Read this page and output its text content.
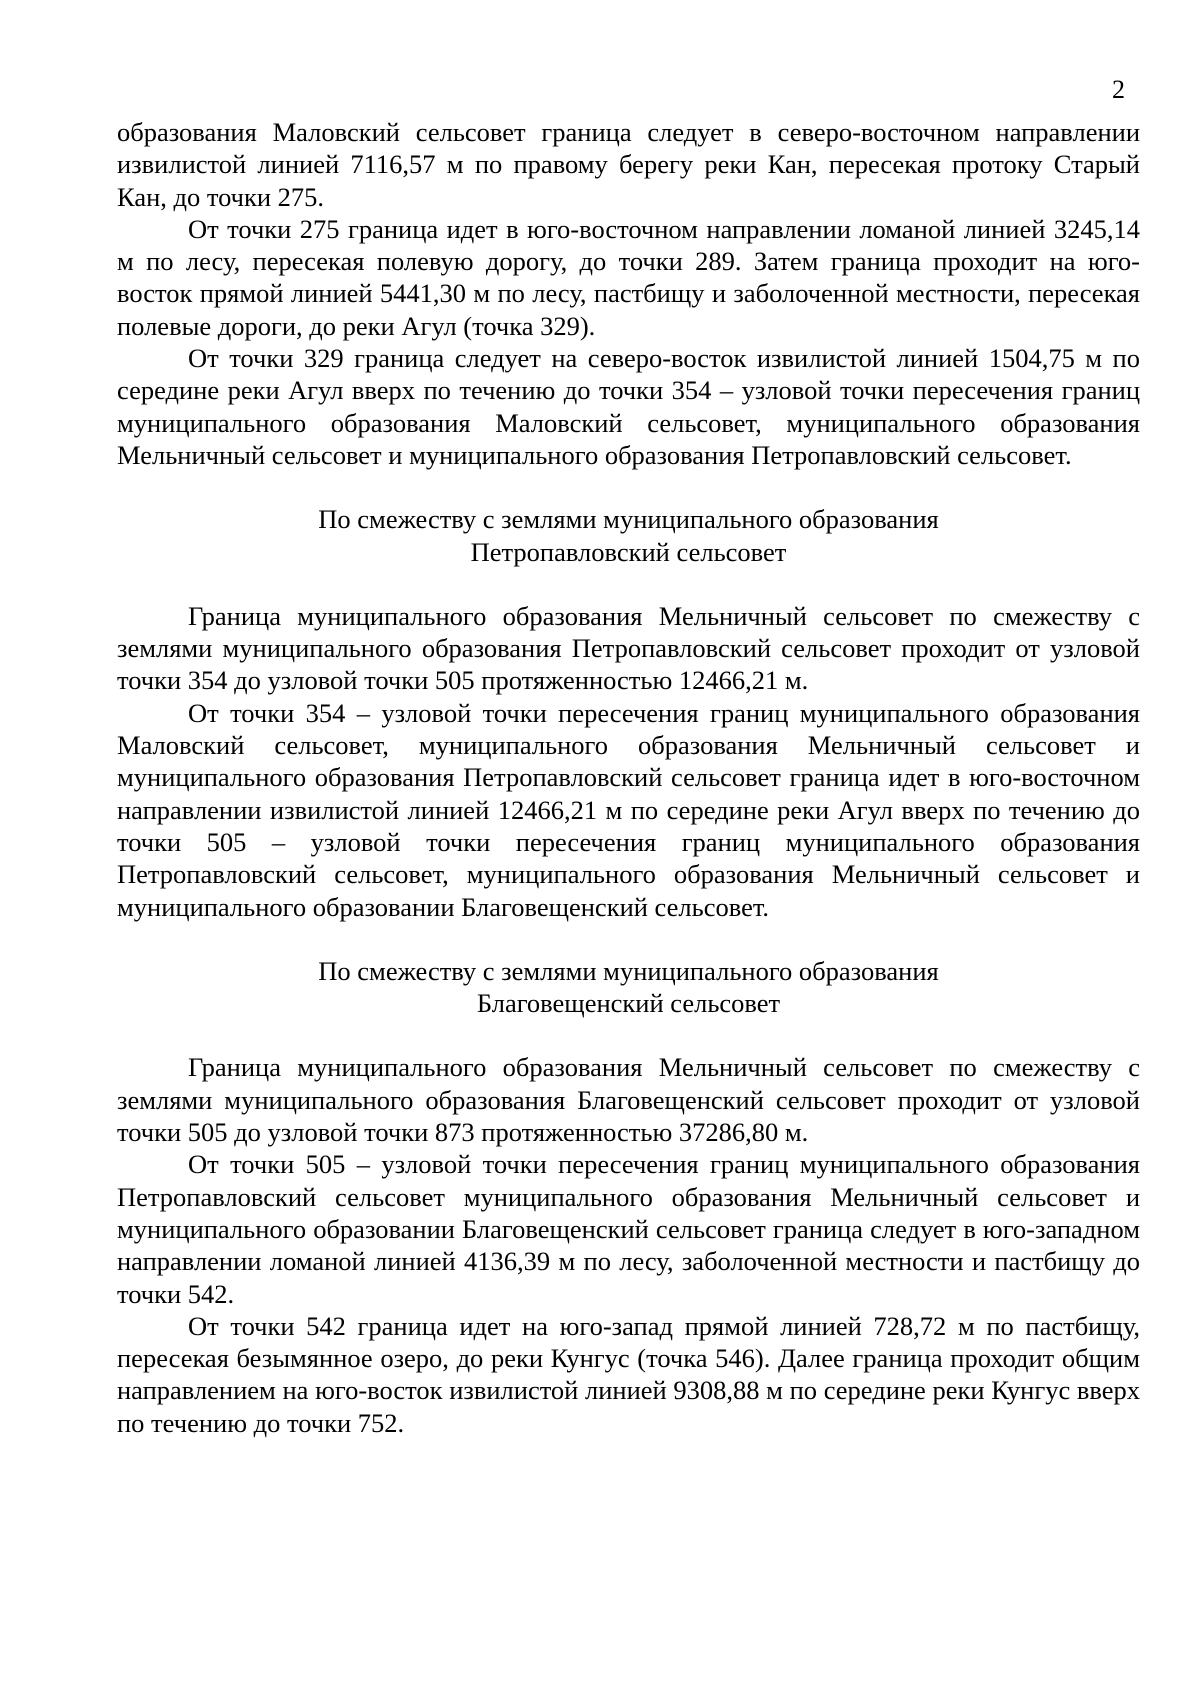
2

образования Маловский сельсовет граница следует в северо-восточном направлении извилистой линией 7116,57 м по правому берегу реки Кан, пересекая протоку Старый Кан, до точки 275.

От точки 275 граница идет в юго-восточном направлении ломаной линией 3245,14 м по лесу, пересекая полевую дорогу, до точки 289. Затем граница проходит на юго-восток прямой линией 5441,30 м по лесу, пастбищу и заболоченной местности, пересекая полевые дороги, до реки Агул (точка 329).

От точки 329 граница следует на северо-восток извилистой линией 1504,75 м по середине реки Агул вверх по течению до точки 354 – узловой точки пересечения границ муниципального образования Маловский сельсовет, муниципального образования Мельничный сельсовет и муниципального образования Петропавловский сельсовет.

По смежеству с землями муниципального образования
Петропавловский сельсовет

Граница муниципального образования Мельничный сельсовет по смежеству с землями муниципального образования Петропавловский сельсовет проходит от узловой точки 354 до узловой точки 505 протяженностью 12466,21 м.

От точки 354 – узловой точки пересечения границ муниципального образования Маловский сельсовет, муниципального образования Мельничный сельсовет и муниципального образования Петропавловский сельсовет граница идет в юго-восточном направлении извилистой линией 12466,21 м по середине реки Агул вверх по течению до точки 505 – узловой точки пересечения границ муниципального образования Петропавловский сельсовет, муниципального образования Мельничный сельсовет и муниципального образовании Благовещенский сельсовет.

По смежеству с землями муниципального образования
Благовещенский сельсовет

Граница муниципального образования Мельничный сельсовет по смежеству с землями муниципального образования Благовещенский сельсовет проходит от узловой точки 505 до узловой точки 873 протяженностью 37286,80 м.

От точки 505 – узловой точки пересечения границ муниципального образования Петропавловский сельсовет муниципального образования Мельничный сельсовет и муниципального образовании Благовещенский сельсовет граница следует в юго-западном направлении ломаной линией 4136,39 м по лесу, заболоченной местности и пастбищу до точки 542.

От точки 542 граница идет на юго-запад прямой линией 728,72 м по пастбищу, пересекая безымянное озеро, до реки Кунгус (точка 546). Далее граница проходит общим направлением на юго-восток извилистой линией 9308,88 м по середине реки Кунгус вверх по течению до точки 752.
